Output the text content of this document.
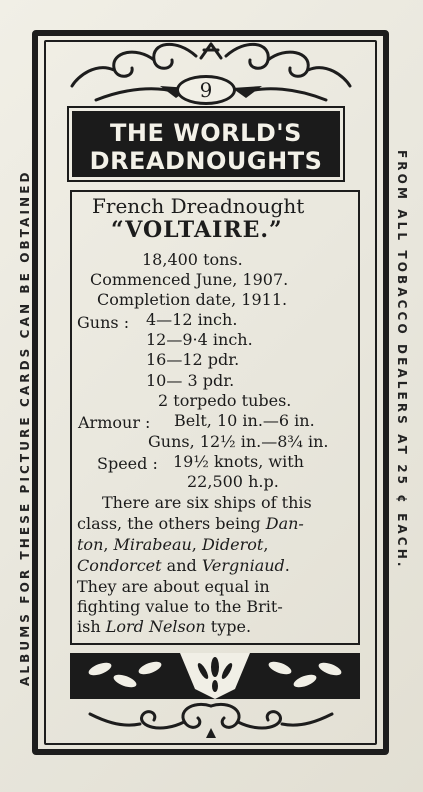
ALBUMS FOR THESE PICTURE CARDS CAN BE OBTAINED	FROM ALL TOBACCO DEALERS AT 25 ¢ EACH.
9
THE WORLD'S
DREADNOUGHTS
French Dreadnought
“VOLTAIRE.”
18,400 tons.
Commenced June, 1907.
Completion date, 1911.
Guns : 4—12 inch.
12—9·4 inch.
16—12 pdr.
10— 3 pdr.
2 torpedo tubes.
Armour : Belt, 10 in.—6 in.
Guns, 12½ in.—8¾ in.
Speed : 19½ knots, with
22,500 h.p.
There are six ships of this
class, the others being Dan-
ton, Mirabeau, Diderot,
Condorcet and Vergniaud.
They are about equal in
fighting value to the Brit-
ish Lord Nelson type.
